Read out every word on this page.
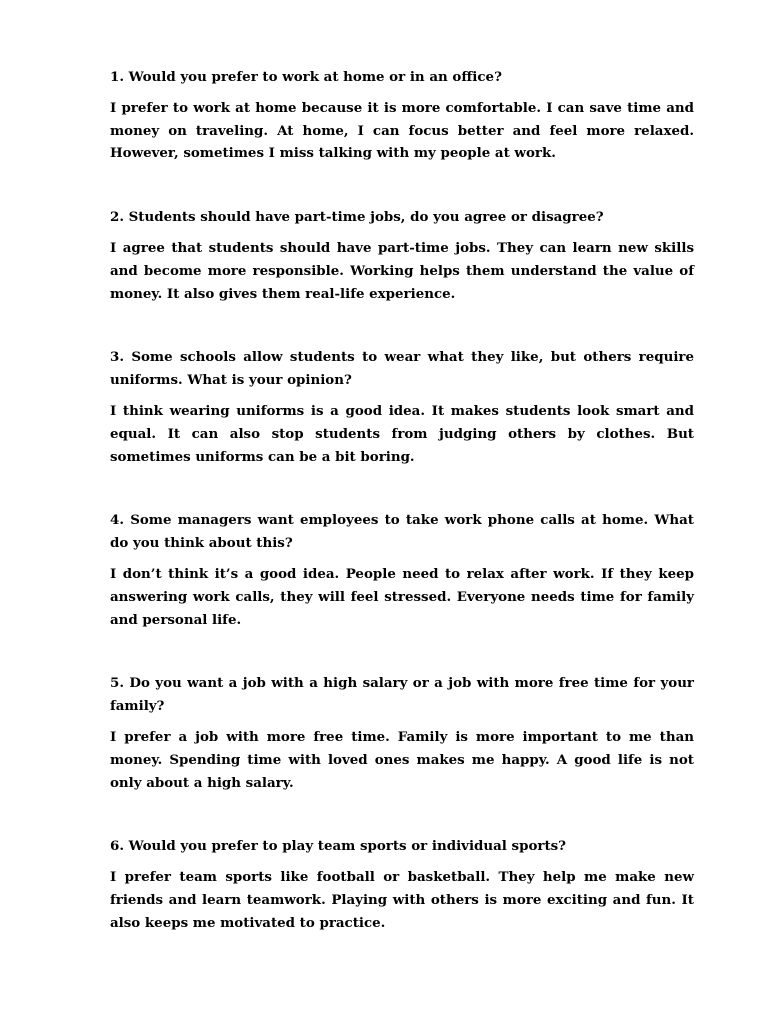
1. Would you prefer to work at home or in an office?

I prefer to work at home because it is more comfortable. I can save time and money on traveling. At home, I can focus better and feel more relaxed. However, sometimes I miss talking with my people at work.

2. Students should have part-time jobs, do you agree or disagree?

I agree that students should have part-time jobs. They can learn new skills and become more responsible. Working helps them understand the value of money. It also gives them real-life experience.

3. Some schools allow students to wear what they like, but others require uniforms. What is your opinion?

I think wearing uniforms is a good idea. It makes students look smart and equal. It can also stop students from judging others by clothes. But sometimes uniforms can be a bit boring.

4. Some managers want employees to take work phone calls at home. What do you think about this?

I don’t think it’s a good idea. People need to relax after work. If they keep answering work calls, they will feel stressed. Everyone needs time for family and personal life.

5. Do you want a job with a high salary or a job with more free time for your family?

I prefer a job with more free time. Family is more important to me than money. Spending time with loved ones makes me happy. A good life is not only about a high salary.

6. Would you prefer to play team sports or individual sports?

I prefer team sports like football or basketball. They help me make new friends and learn teamwork. Playing with others is more exciting and fun. It also keeps me motivated to practice.
